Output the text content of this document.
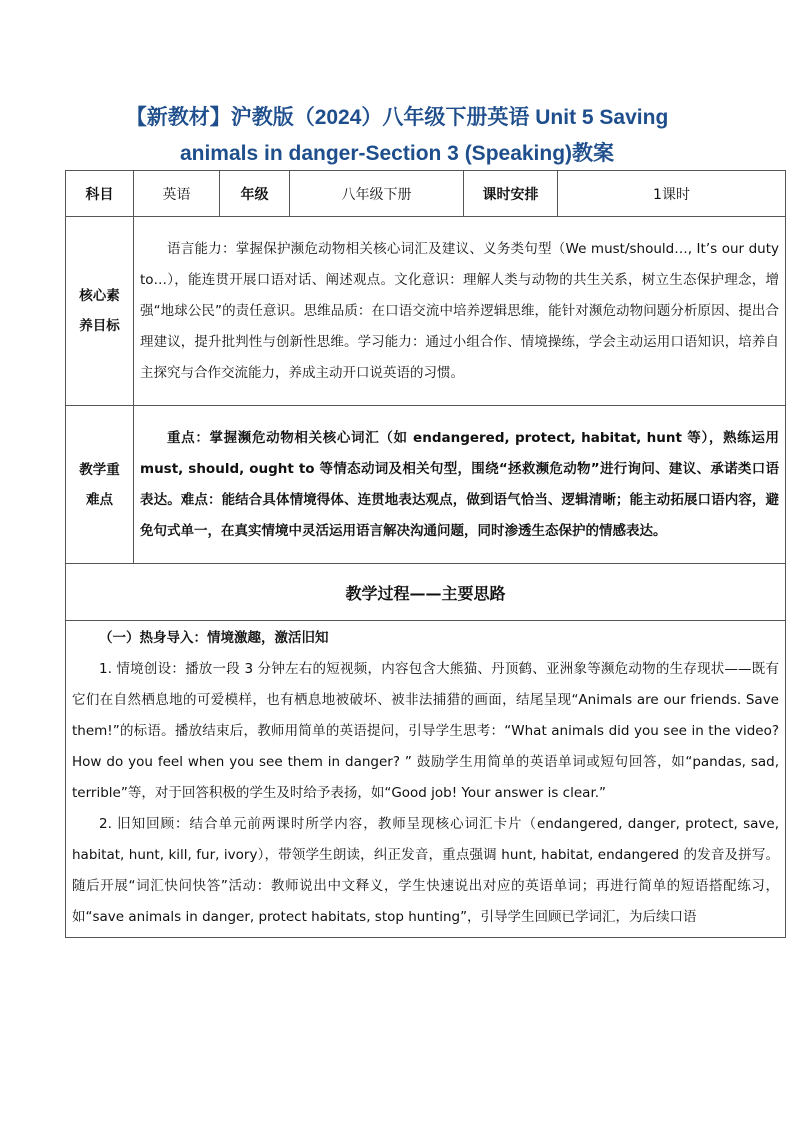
【新教材】沪教版（2024）八年级下册英语 Unit 5 Saving
animals in danger-Section 3 (Speaking)教案
科目	英语	年级	八年级下册	课时安排	1课时

核心素
养目标	语言能力：掌握保护濒危动物相关核心词汇及建议、义务类句型（We must/should…, It’s our duty to…），能连贯开展口语对话、阐述观点。文化意识：理解人类与动物的共生关系，树立生态保护理念，增强“地球公民”的责任意识。思维品质：在口语交流中培养逻辑思维，能针对濒危动物问题分析原因、提出合理建议，提升批判性与创新性思维。学习能力：通过小组合作、情境操练，学会主动运用口语知识，培养自主探究与合作交流能力，养成主动开口说英语的习惯。				

教学重
难点	重点：掌握濒危动物相关核心词汇（如 endangered, protect, habitat, hunt 等），熟练运用 must, should, ought to 等情态动词及相关句型，围绕“拯救濒危动物”进行询问、建议、承诺类口语表达。难点：能结合具体情境得体、连贯地表达观点，做到语气恰当、逻辑清晰；能主动拓展口语内容，避免句式单一，在真实情境中灵活运用语言解决沟通问题，同时渗透生态保护的情感表达。				

教学过程——主要思路					

（一）热身导入：情境激趣，激活旧知

1. 情境创设：播放一段 3 分钟左右的短视频，内容包含大熊猫、丹顶鹤、亚洲象等濒危动物的生存现状——既有它们在自然栖息地的可爱模样，也有栖息地被破坏、被非法捕猎的画面，结尾呈现“Animals are our friends. Save them!”的标语。播放结束后，教师用简单的英语提问，引导学生思考：“What animals did you see in the video? How do you feel when you see them in danger? ” 鼓励学生用简单的英语单词或短句回答，如“pandas, sad, terrible”等，对于回答积极的学生及时给予表扬，如“Good job! Your answer is clear.”

2. 旧知回顾：结合单元前两课时所学内容，教师呈现核心词汇卡片（endangered, danger, protect, save, habitat, hunt, kill, fur, ivory），带领学生朗读，纠正发音，重点强调 hunt, habitat, endangered 的发音及拼写。随后开展“词汇快问快答”活动：教师说出中文释义，学生快速说出对应的英语单词；再进行简单的短语搭配练习，如“save animals in danger, protect habitats, stop hunting”，引导学生回顾已学词汇，为后续口语					
